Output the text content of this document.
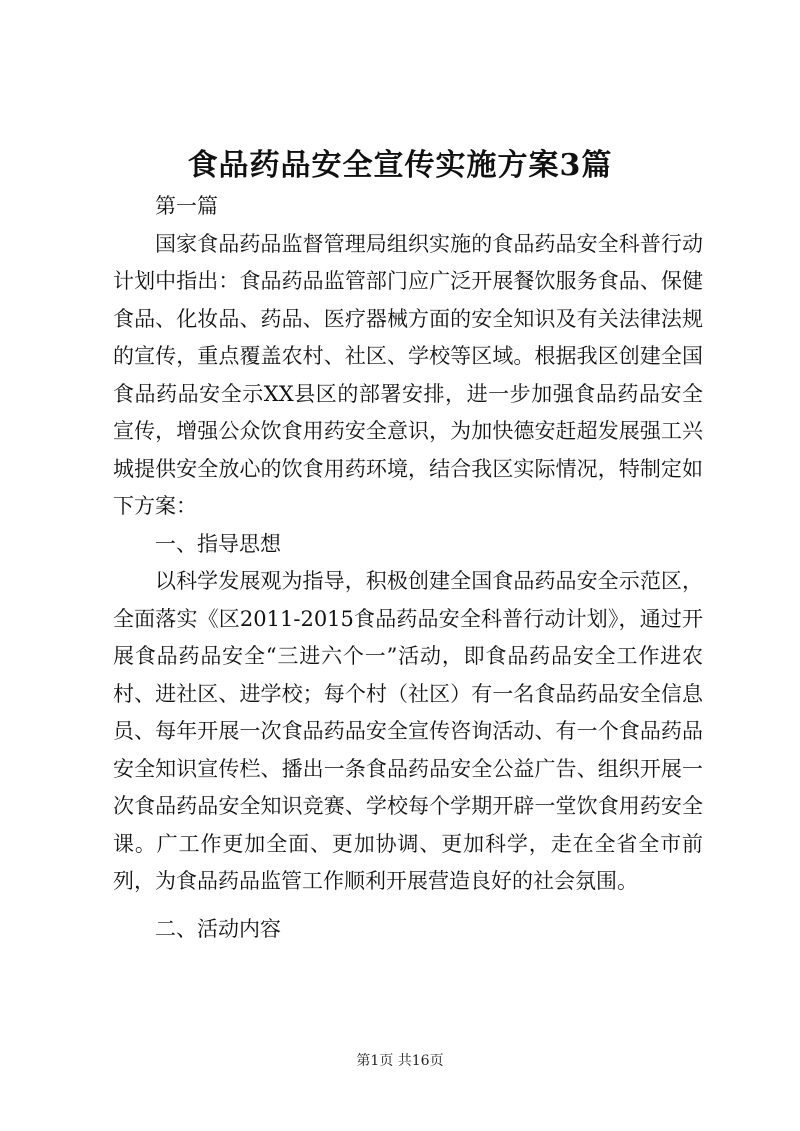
食品药品安全宣传实施方案3篇

第一篇

国家食品药品监督管理局组织实施的食品药品安全科普行动计划中指出：食品药品监管部门应广泛开展餐饮服务食品、保健食品、化妆品、药品、医疗器械方面的安全知识及有关法律法规的宣传，重点覆盖农村、社区、学校等区域。根据我区创建全国食品药品安全示XX县区的部署安排，进一步加强食品药品安全宣传，增强公众饮食用药安全意识，为加快德安赶超发展强工兴城提供安全放心的饮食用药环境，结合我区实际情况，特制定如下方案：

一、指导思想

以科学发展观为指导，积极创建全国食品药品安全示范区，全面落实《区2011-2015食品药品安全科普行动计划》，通过开展食品药品安全“三进六个一”活动，即食品药品安全工作进农村、进社区、进学校；每个村（社区）有一名食品药品安全信息员、每年开展一次食品药品安全宣传咨询活动、有一个食品药品安全知识宣传栏、播出一条食品药品安全公益广告、组织开展一次食品药品安全知识竞赛、学校每个学期开辟一堂饮食用药安全课。广工作更加全面、更加协调、更加科学，走在全省全市前列，为食品药品监管工作顺利开展营造良好的社会氛围。

二、活动内容

第1页 共16页
